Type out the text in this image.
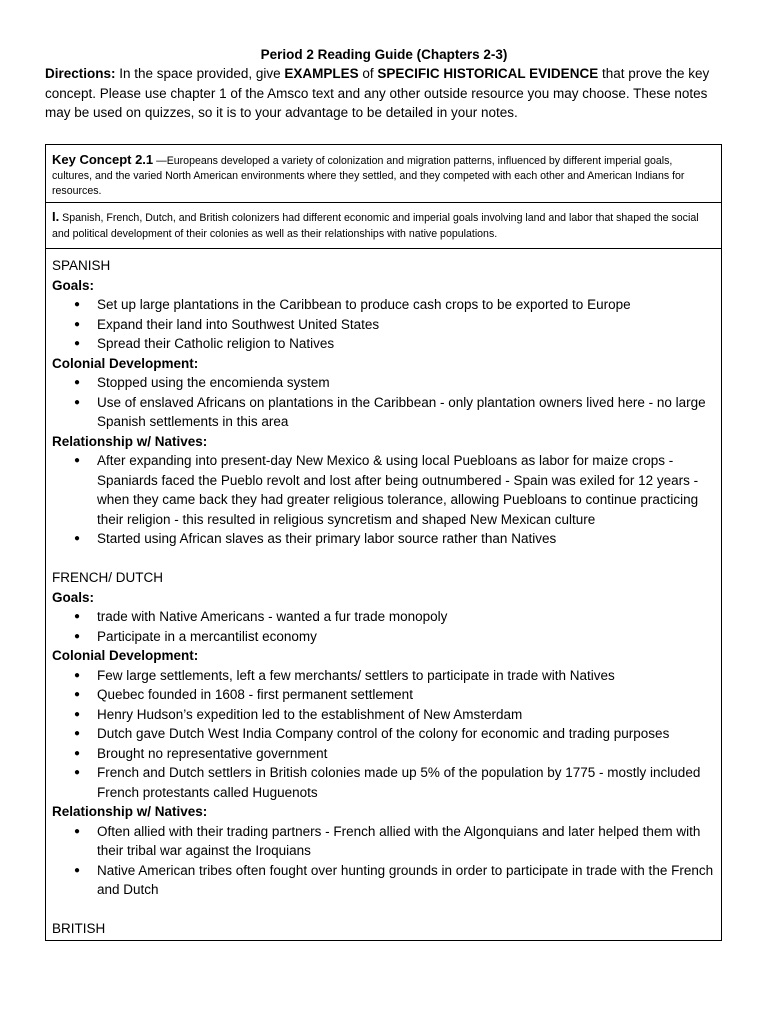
Period 2 Reading Guide (Chapters 2-3)
Directions: In the space provided, give EXAMPLES of SPECIFIC HISTORICAL EVIDENCE that prove the key concept. Please use chapter 1 of the Amsco text and any other outside resource you may choose. These notes may be used on quizzes, so it is to your advantage to be detailed in your notes.
Key Concept 2.1 —Europeans developed a variety of colonization and migration patterns, influenced by different imperial goals, cultures, and the varied North American environments where they settled, and they competed with each other and American Indians for resources.
I. Spanish, French, Dutch, and British colonizers had different economic and imperial goals involving land and labor that shaped the social and political development of their colonies as well as their relationships with native populations.
SPANISH
Goals:
● Set up large plantations in the Caribbean to produce cash crops to be exported to Europe
● Expand their land into Southwest United States
● Spread their Catholic religion to Natives
Colonial Development:
● Stopped using the encomienda system
● Use of enslaved Africans on plantations in the Caribbean - only plantation owners lived here - no large Spanish settlements in this area
Relationship w/ Natives:
● After expanding into present-day New Mexico & using local Puebloans as labor for maize crops - Spaniards faced the Pueblo revolt and lost after being outnumbered - Spain was exiled for 12 years - when they came back they had greater religious tolerance, allowing Puebloans to continue practicing their religion - this resulted in religious syncretism and shaped New Mexican culture
● Started using African slaves as their primary labor source rather than Natives
FRENCH/ DUTCH
Goals:
● trade with Native Americans - wanted a fur trade monopoly
● Participate in a mercantilist economy
Colonial Development:
● Few large settlements, left a few merchants/ settlers to participate in trade with Natives
● Quebec founded in 1608 - first permanent settlement
● Henry Hudson’s expedition led to the establishment of New Amsterdam
● Dutch gave Dutch West India Company control of the colony for economic and trading purposes
● Brought no representative government
● French and Dutch settlers in British colonies made up 5% of the population by 1775 - mostly included French protestants called Huguenots
Relationship w/ Natives:
● Often allied with their trading partners - French allied with the Algonquians and later helped them with their tribal war against the Iroquians
● Native American tribes often fought over hunting grounds in order to participate in trade with the French and Dutch
BRITISH
